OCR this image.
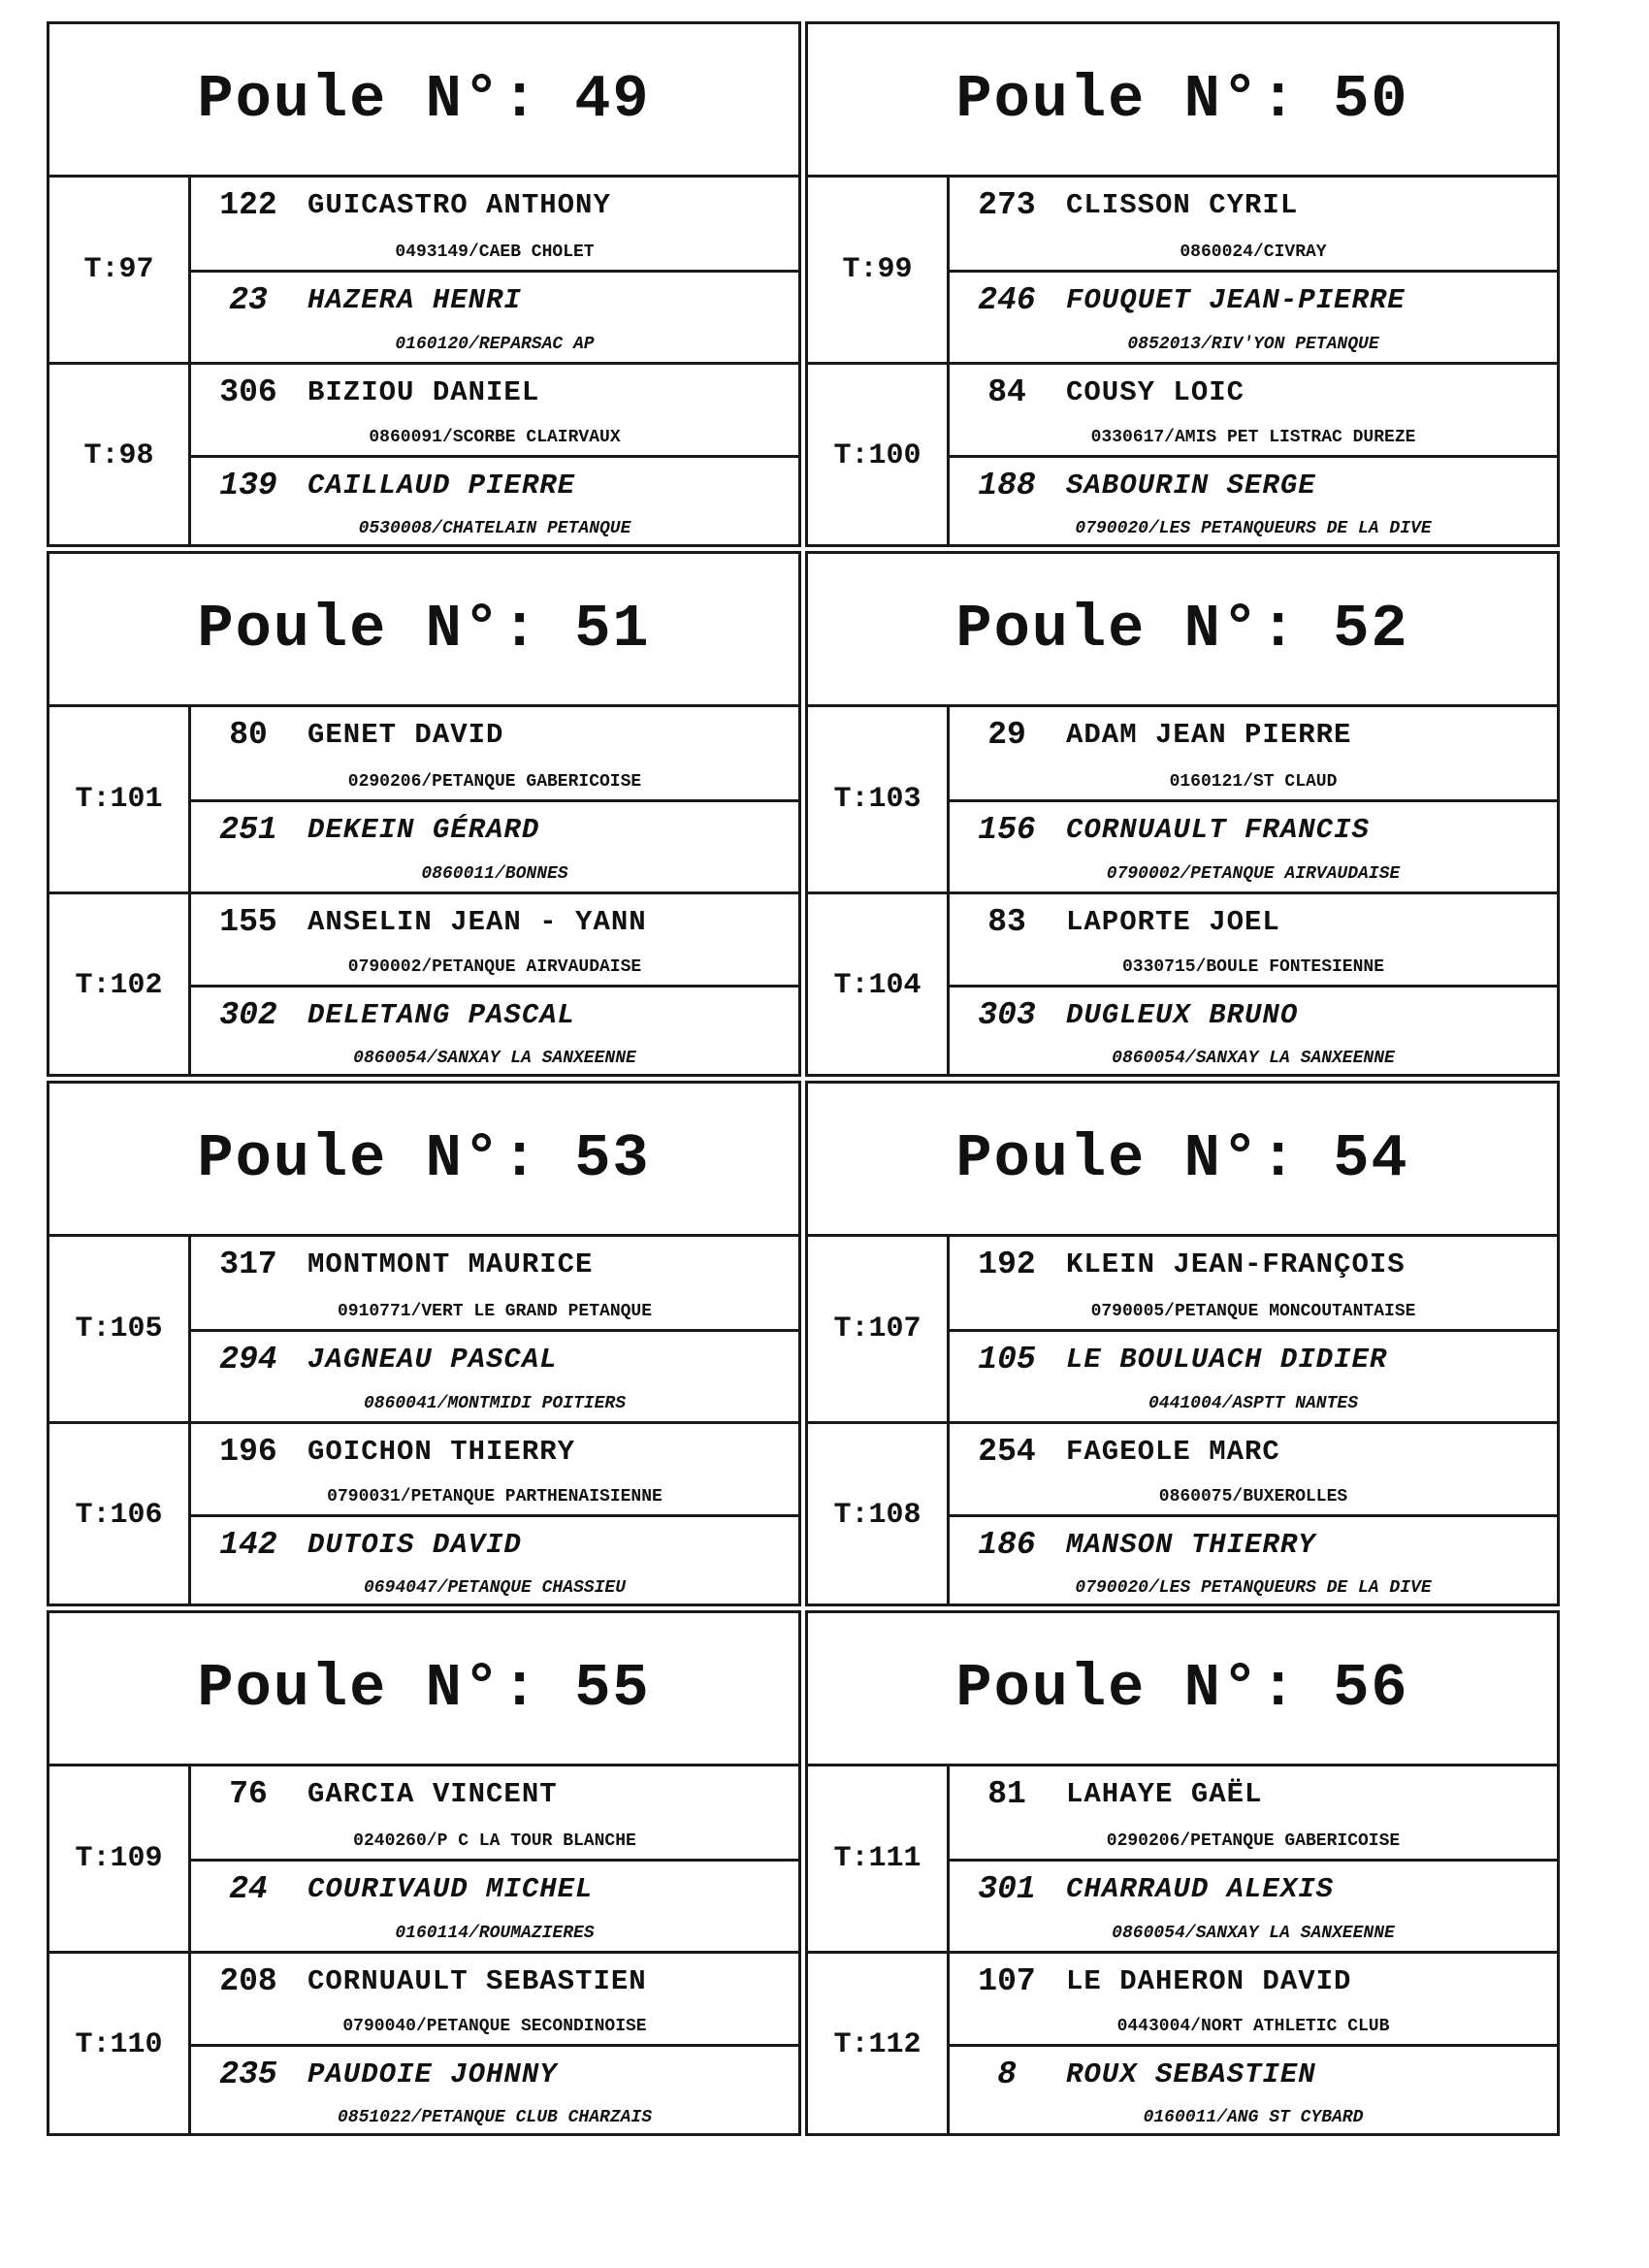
Poule N°: 49
T:97
122	GUICASTRO ANTHONY
0493149/CAEB CHOLET
23	HAZERA HENRI
0160120/REPARSAC AP
T:98
306	BIZIOU DANIEL
0860091/SCORBE CLAIRVAUX
139	CAILLAUD PIERRE
0530008/CHATELAIN PETANQUE
Poule N°: 50
T:99
273	CLISSON CYRIL
0860024/CIVRAY
246	FOUQUET JEAN-PIERRE
0852013/RIV'YON PETANQUE
T:100
84	COUSY LOIC
0330617/AMIS PET LISTRAC DUREZE
188	SABOURIN SERGE
0790020/LES PETANQUEURS DE LA DIVE
Poule N°: 51
T:101
80	GENET DAVID
0290206/PETANQUE GABERICOISE
251	DEKEIN GÉRARD
0860011/BONNES
T:102
155	ANSELIN JEAN - YANN
0790002/PETANQUE AIRVAUDAISE
302	DELETANG PASCAL
0860054/SANXAY LA SANXEENNE
Poule N°: 52
T:103
29	ADAM JEAN PIERRE
0160121/ST CLAUD
156	CORNUAULT FRANCIS
0790002/PETANQUE AIRVAUDAISE
T:104
83	LAPORTE JOEL
0330715/BOULE FONTESIENNE
303	DUGLEUX BRUNO
0860054/SANXAY LA SANXEENNE
Poule N°: 53
T:105
317	MONTMONT MAURICE
0910771/VERT LE GRAND PETANQUE
294	JAGNEAU PASCAL
0860041/MONTMIDI POITIERS
T:106
196	GOICHON THIERRY
0790031/PETANQUE PARTHENAISIENNE
142	DUTOIS DAVID
0694047/PETANQUE CHASSIEU
Poule N°: 54
T:107
192	KLEIN JEAN-FRANÇOIS
0790005/PETANQUE MONCOUTANTAISE
105	LE BOULUACH DIDIER
0441004/ASPTT NANTES
T:108
254	FAGEOLE MARC
0860075/BUXEROLLES
186	MANSON THIERRY
0790020/LES PETANQUEURS DE LA DIVE
Poule N°: 55
T:109
76	GARCIA VINCENT
0240260/P C LA TOUR BLANCHE
24	COURIVAUD MICHEL
0160114/ROUMAZIERES
T:110
208	CORNUAULT SEBASTIEN
0790040/PETANQUE SECONDINOISE
235	PAUDOIE JOHNNY
0851022/PETANQUE CLUB CHARZAIS
Poule N°: 56
T:111
81	LAHAYE GAËL
0290206/PETANQUE GABERICOISE
301	CHARRAUD ALEXIS
0860054/SANXAY LA SANXEENNE
T:112
107	LE DAHERON DAVID
0443004/NORT ATHLETIC CLUB
8	ROUX SEBASTIEN
0160011/ANG ST CYBARD
